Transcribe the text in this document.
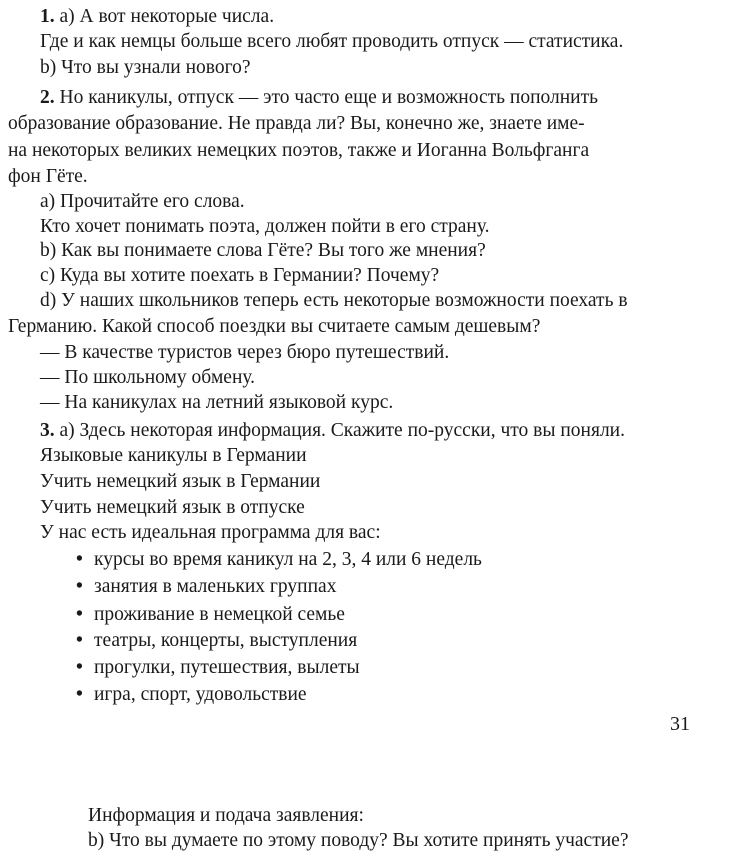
1. a) А вот некоторые числа.
Где и как немцы больше всего любят проводить отпуск — статистика.
b) Что вы узнали нового?
2. Но каникулы, отпуск — это часто еще и возможность пополнить
образование образование. Не правда ли? Вы, конечно же, знаете име-
на некоторых великих немецких поэтов, также и Иоганна Вольфганга
фон Гёте.
a) Прочитайте его слова.
Кто хочет понимать поэта, должен пойти в его страну.
b) Как вы понимаете слова Гёте? Вы того же мнения?
c) Куда вы хотите поехать в Германии? Почему?
d) У наших школьников теперь есть некоторые возможности поехать в
Германию. Какой способ поездки вы считаете самым дешевым?
— В качестве туристов через бюро путешествий.
— По школьному обмену.
— На каникулах на летний языковой курс.
3. a) Здесь некоторая информация. Скажите по-русски, что вы поняли.
Языковые каникулы в Германии
Учить немецкий язык в Германии
Учить немецкий язык в отпуске
У нас есть идеальная программа для вас:
• курсы во время каникул на 2, 3, 4 или 6 недель
• занятия в маленьких группах
• проживание в немецкой семье
• театры, концерты, выступления
• прогулки, путешествия, вылеты
• игра, спорт, удовольствие
31
Информация и подача заявления:
b) Что вы думаете по этому поводу? Вы хотите принять участие?
